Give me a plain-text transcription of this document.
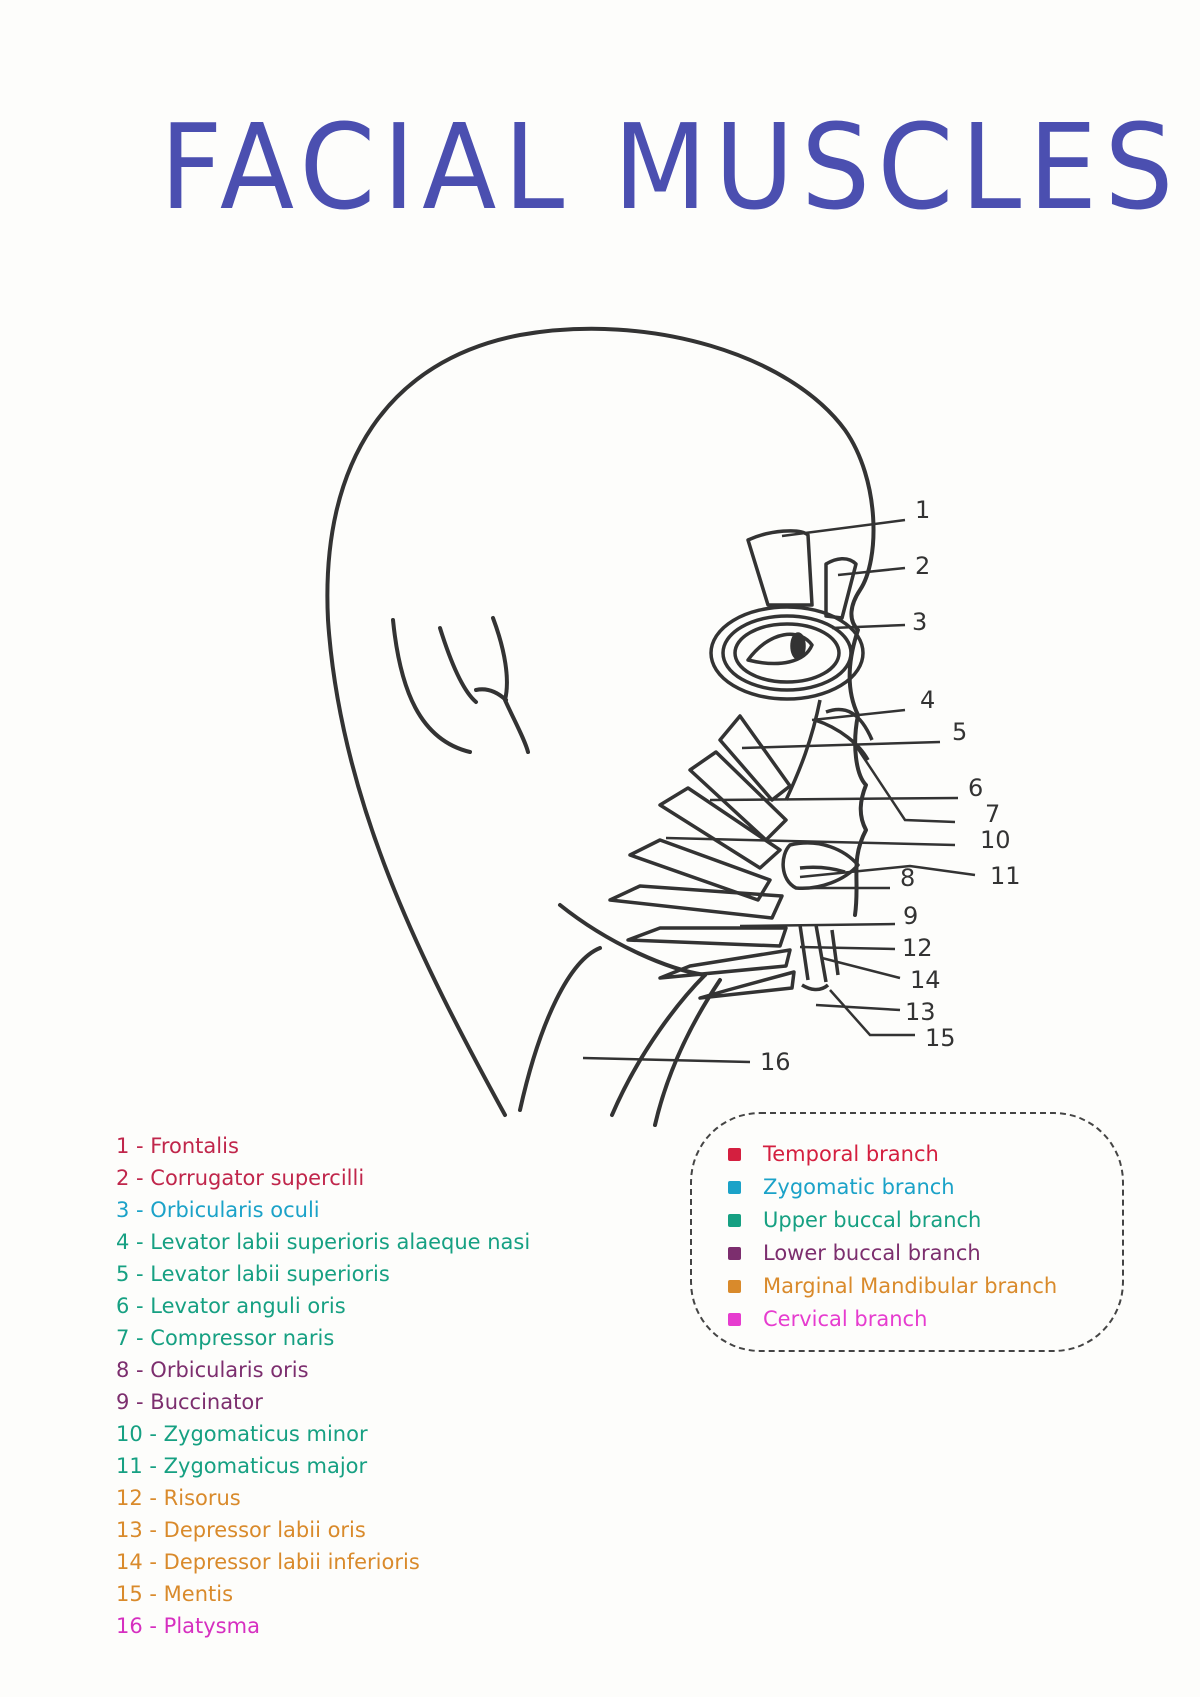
FACIAL MUSCLES
1
2
3
4
5
6
7
10
11
8
9
12
14
13
15
16
1 - Frontalis
2 - Corrugator supercilli
3 - Orbicularis oculi
4 - Levator labii superioris alaeque nasi
5 - Levator labii superioris
6 - Levator anguli oris
7 - Compressor naris
8 - Orbicularis oris
9 - Buccinator
10 - Zygomaticus minor
11 - Zygomaticus major
12 - Risorus
13 - Depressor labii oris
14 - Depressor labii inferioris
15 - Mentis
16 - Platysma
Temporal branch
Zygomatic branch
Upper buccal branch
Lower buccal branch
Marginal Mandibular branch
Cervical branch
